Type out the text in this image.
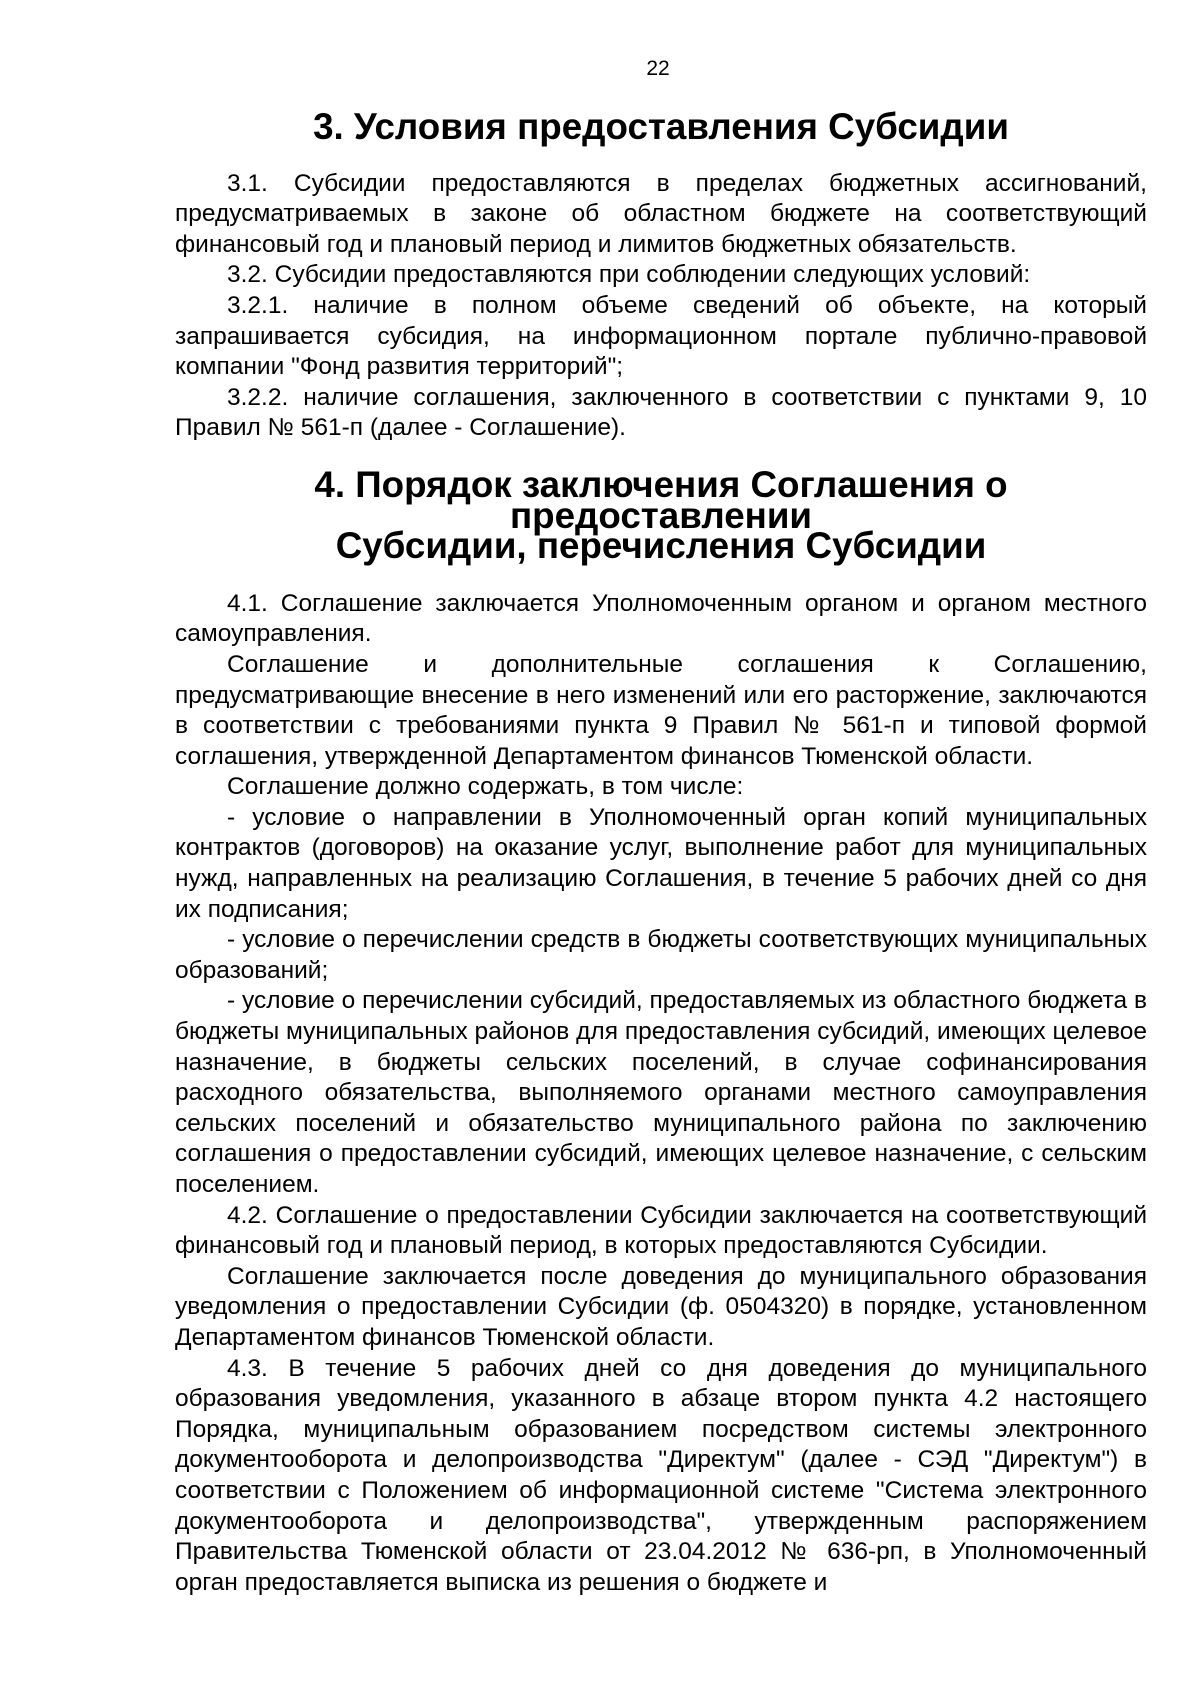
22
3. Условия предоставления Субсидии

3.1. Субсидии предоставляются в пределах бюджетных ассигнований, предусматриваемых в законе об областном бюджете на соответствующий финансовый год и плановый период и лимитов бюджетных обязательств.

3.2. Субсидии предоставляются при соблюдении следующих условий:

3.2.1. наличие в полном объеме сведений об объекте, на который запрашивается субсидия, на информационном портале публично-правовой компании "Фонд развития территорий";

3.2.2. наличие соглашения, заключенного в соответствии с пунктами 9, 10 Правил № 561-п (далее - Соглашение).

4. Порядок заключения Соглашения о предоставлении
Субсидии, перечисления Субсидии

4.1. Соглашение заключается Уполномоченным органом и органом местного самоуправления.

Соглашение и дополнительные соглашения к Соглашению, предусматривающие внесение в него изменений или его расторжение, заключаются в соответствии с требованиями пункта 9 Правил № 561-п и типовой формой соглашения, утвержденной Департаментом финансов Тюменской области.

Соглашение должно содержать, в том числе:

- условие о направлении в Уполномоченный орган копий муниципальных контрактов (договоров) на оказание услуг, выполнение работ для муниципальных нужд, направленных на реализацию Соглашения, в течение 5 рабочих дней со дня их подписания;

- условие о перечислении средств в бюджеты соответствующих муниципальных образований;

- условие о перечислении субсидий, предоставляемых из областного бюджета в бюджеты муниципальных районов для предоставления субсидий, имеющих целевое назначение, в бюджеты сельских поселений, в случае софинансирования расходного обязательства, выполняемого органами местного самоуправления сельских поселений и обязательство муниципального района по заключению соглашения о предоставлении субсидий, имеющих целевое назначение, с сельским поселением.

4.2. Соглашение о предоставлении Субсидии заключается на соответствующий финансовый год и плановый период, в которых предоставляются Субсидии.

Соглашение заключается после доведения до муниципального образования уведомления о предоставлении Субсидии (ф. 0504320) в порядке, установленном Департаментом финансов Тюменской области.

4.3. В течение 5 рабочих дней со дня доведения до муниципального образования уведомления, указанного в абзаце втором пункта 4.2 настоящего Порядка, муниципальным образованием посредством системы электронного документооборота и делопроизводства "Директум" (далее - СЭД "Директум") в соответствии с Положением об информационной системе "Система электронного документооборота и делопроизводства", утвержденным распоряжением Правительства Тюменской области от 23.04.2012 № 636-рп, в Уполномоченный орган предоставляется выписка из решения о бюджете и
